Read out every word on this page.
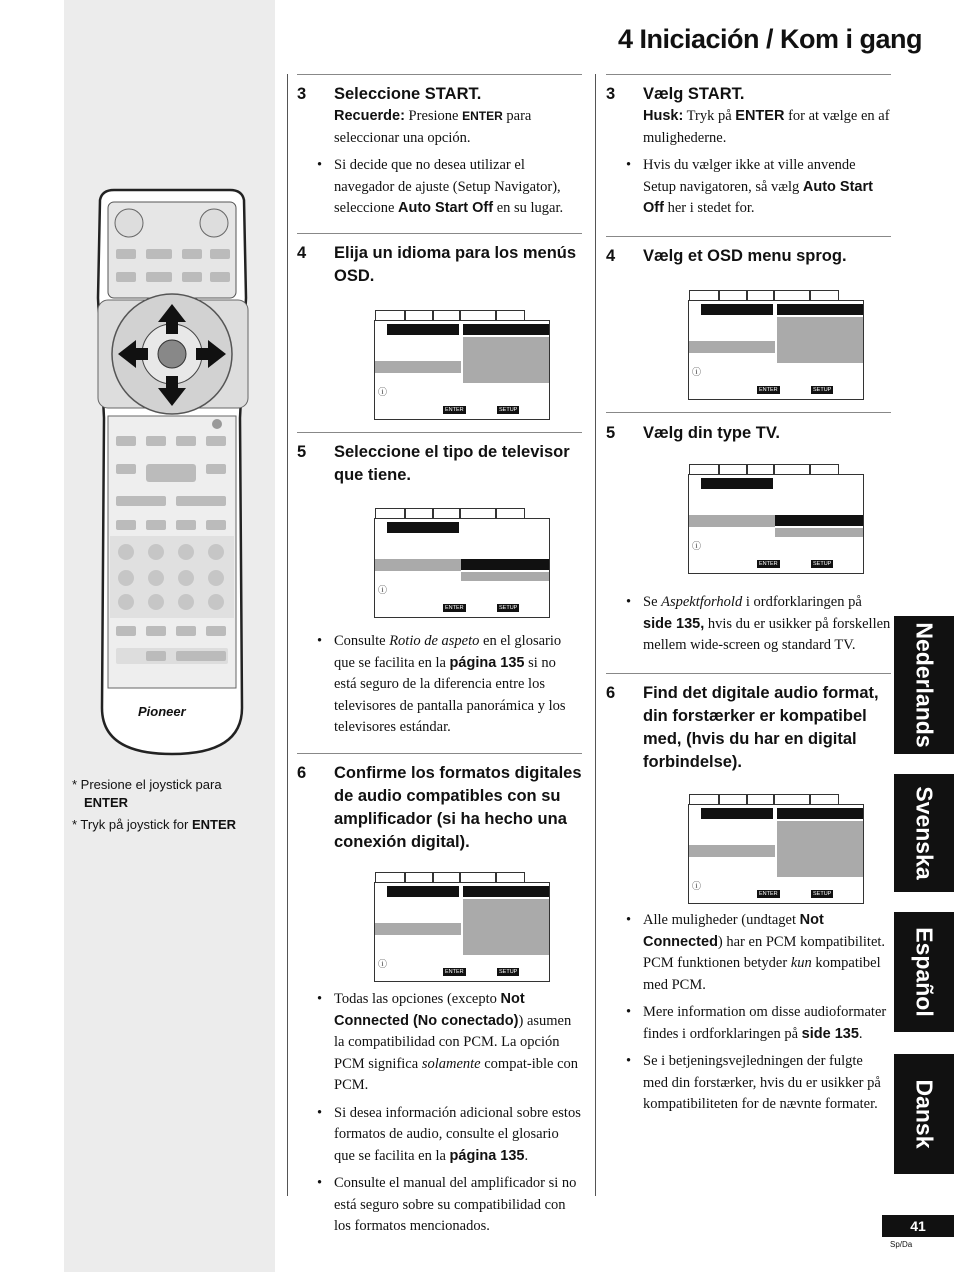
4 Iniciación / Kom i gang
Pioneer
* Presione el joystick para
ENTER
* Tryk på joystick for ENTER
3	Seleccione START.
Recuerde: Presione ENTER para seleccionar una opción.
• Si decide que no desea utilizar el navegador de ajuste (Setup Navigator), seleccione Auto Start Off en su lugar.
4	Elija un idioma para los menús OSD.
ⓘ
ENTER	SETUP
5	Seleccione el tipo de televisor que tiene.
ⓘ
ENTER	SETUP
• Consulte Rotio de aspeto en el glosario que se facilita en la página 135 si no está seguro de la diferencia entre los televisores de pantalla panorámica y los televisores estándar.
6	Confirme los formatos digitales de audio compatibles con su amplificador (si ha hecho una conexión digital).
ⓘ
ENTER	SETUP
• Todas las opciones (excepto Not Connected (No conectado)) asumen la compatibilidad con PCM. La opción PCM significa solamente compat-ible con PCM.
• Si desea información adicional sobre estos formatos de audio, consulte el glosario que se facilita en la página 135.
• Consulte el manual del amplificador si no está seguro sobre su compatibilidad con los formatos mencionados.
3	Vælg START.
Husk: Tryk på ENTER for at vælge en af mulighederne.
• Hvis du vælger ikke at ville anvende Setup navigatoren, så vælg Auto Start Off her i stedet for.
4	Vælg et OSD menu sprog.
ⓘ
ENTER	SETUP
5	Vælg din type TV.
ⓘ
ENTER	SETUP
• Se Aspektforhold i ordforklaringen på side 135, hvis du er usikker på forskellen mellem wide-screen og standard TV.
6	Find det digitale audio format, din forstærker er kompatibel med, (hvis du har en digital forbindelse).
ⓘ
ENTER	SETUP
• Alle muligheder (undtaget Not Connected) har en PCM kompatibilitet. PCM funktionen betyder kun kompatibel med PCM.
• Mere information om disse audioformater findes i ordforklaringen på side 135.
• Se i betjeningsvejledningen der fulgte med din forstærker, hvis du er usikker på kompatibiliteten for de nævnte formater.
Nederlands
Svenska
Español
Dansk
41
Sp/Da
